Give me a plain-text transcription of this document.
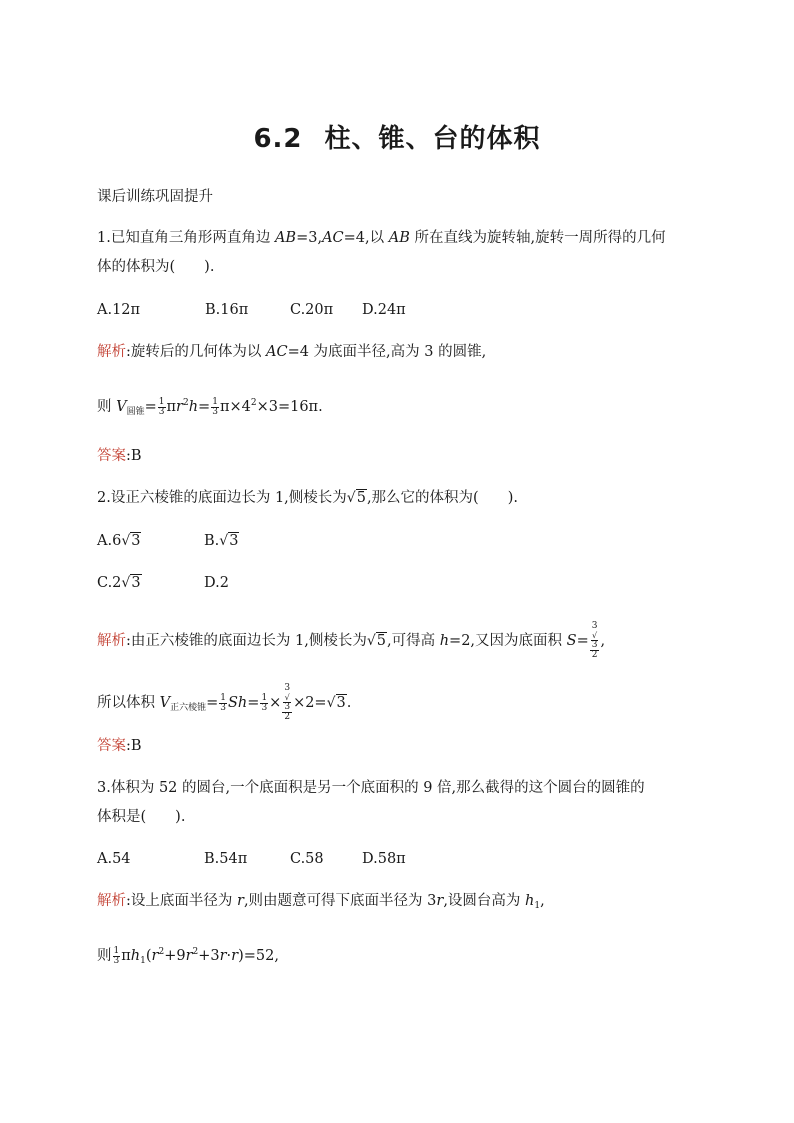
6.2 柱、锥、台的体积
课后训练巩固提升
1.已知直角三角形两直角边 AB=3,AC=4,以 AB 所在直线为旋转轴,旋转一周所得的几何
体的体积为(　　).
A.12π	B.16π	C.20π D.24π
解析:旋转后的几何体为以 AC=4 为底面半径,高为 3 的圆锥,
则 $V_{圆锥}= \frac{1}{3} \pi r^2h= \frac{1}{3} \pi\times 4^2\times 3=16\pi$.
答案:B
2.设正六棱锥的底面边长为 1,侧棱长为√5,那么它的体积为(　　).
A.6√3	B.√3
C.2√3	D.2
解析:由正六棱锥的底面边长为 1,侧棱长为√5,可得高 h=2,又因为底面积 S= 3
√
3
2 ,
所以体积 $V_{正六棱锥}= \frac{1}{3} Sh= \frac{1}{3} \times 3$
√
3
2 ×2=√3.
答案:B
3.体积为 52 的圆台,一个底面积是另一个底面积的 9 倍,那么截得的这个圆台的圆锥的
体积是(　　).
A.54	B.54π	C.58	D.58π
解析:设上底面半径为 r,则由题意可得下底面半径为 3r,设圆台高为 $h_1$,
则 $\frac{1}{3} \pi h_1(r^2+9r^2+3r\cdot r)=52$,
